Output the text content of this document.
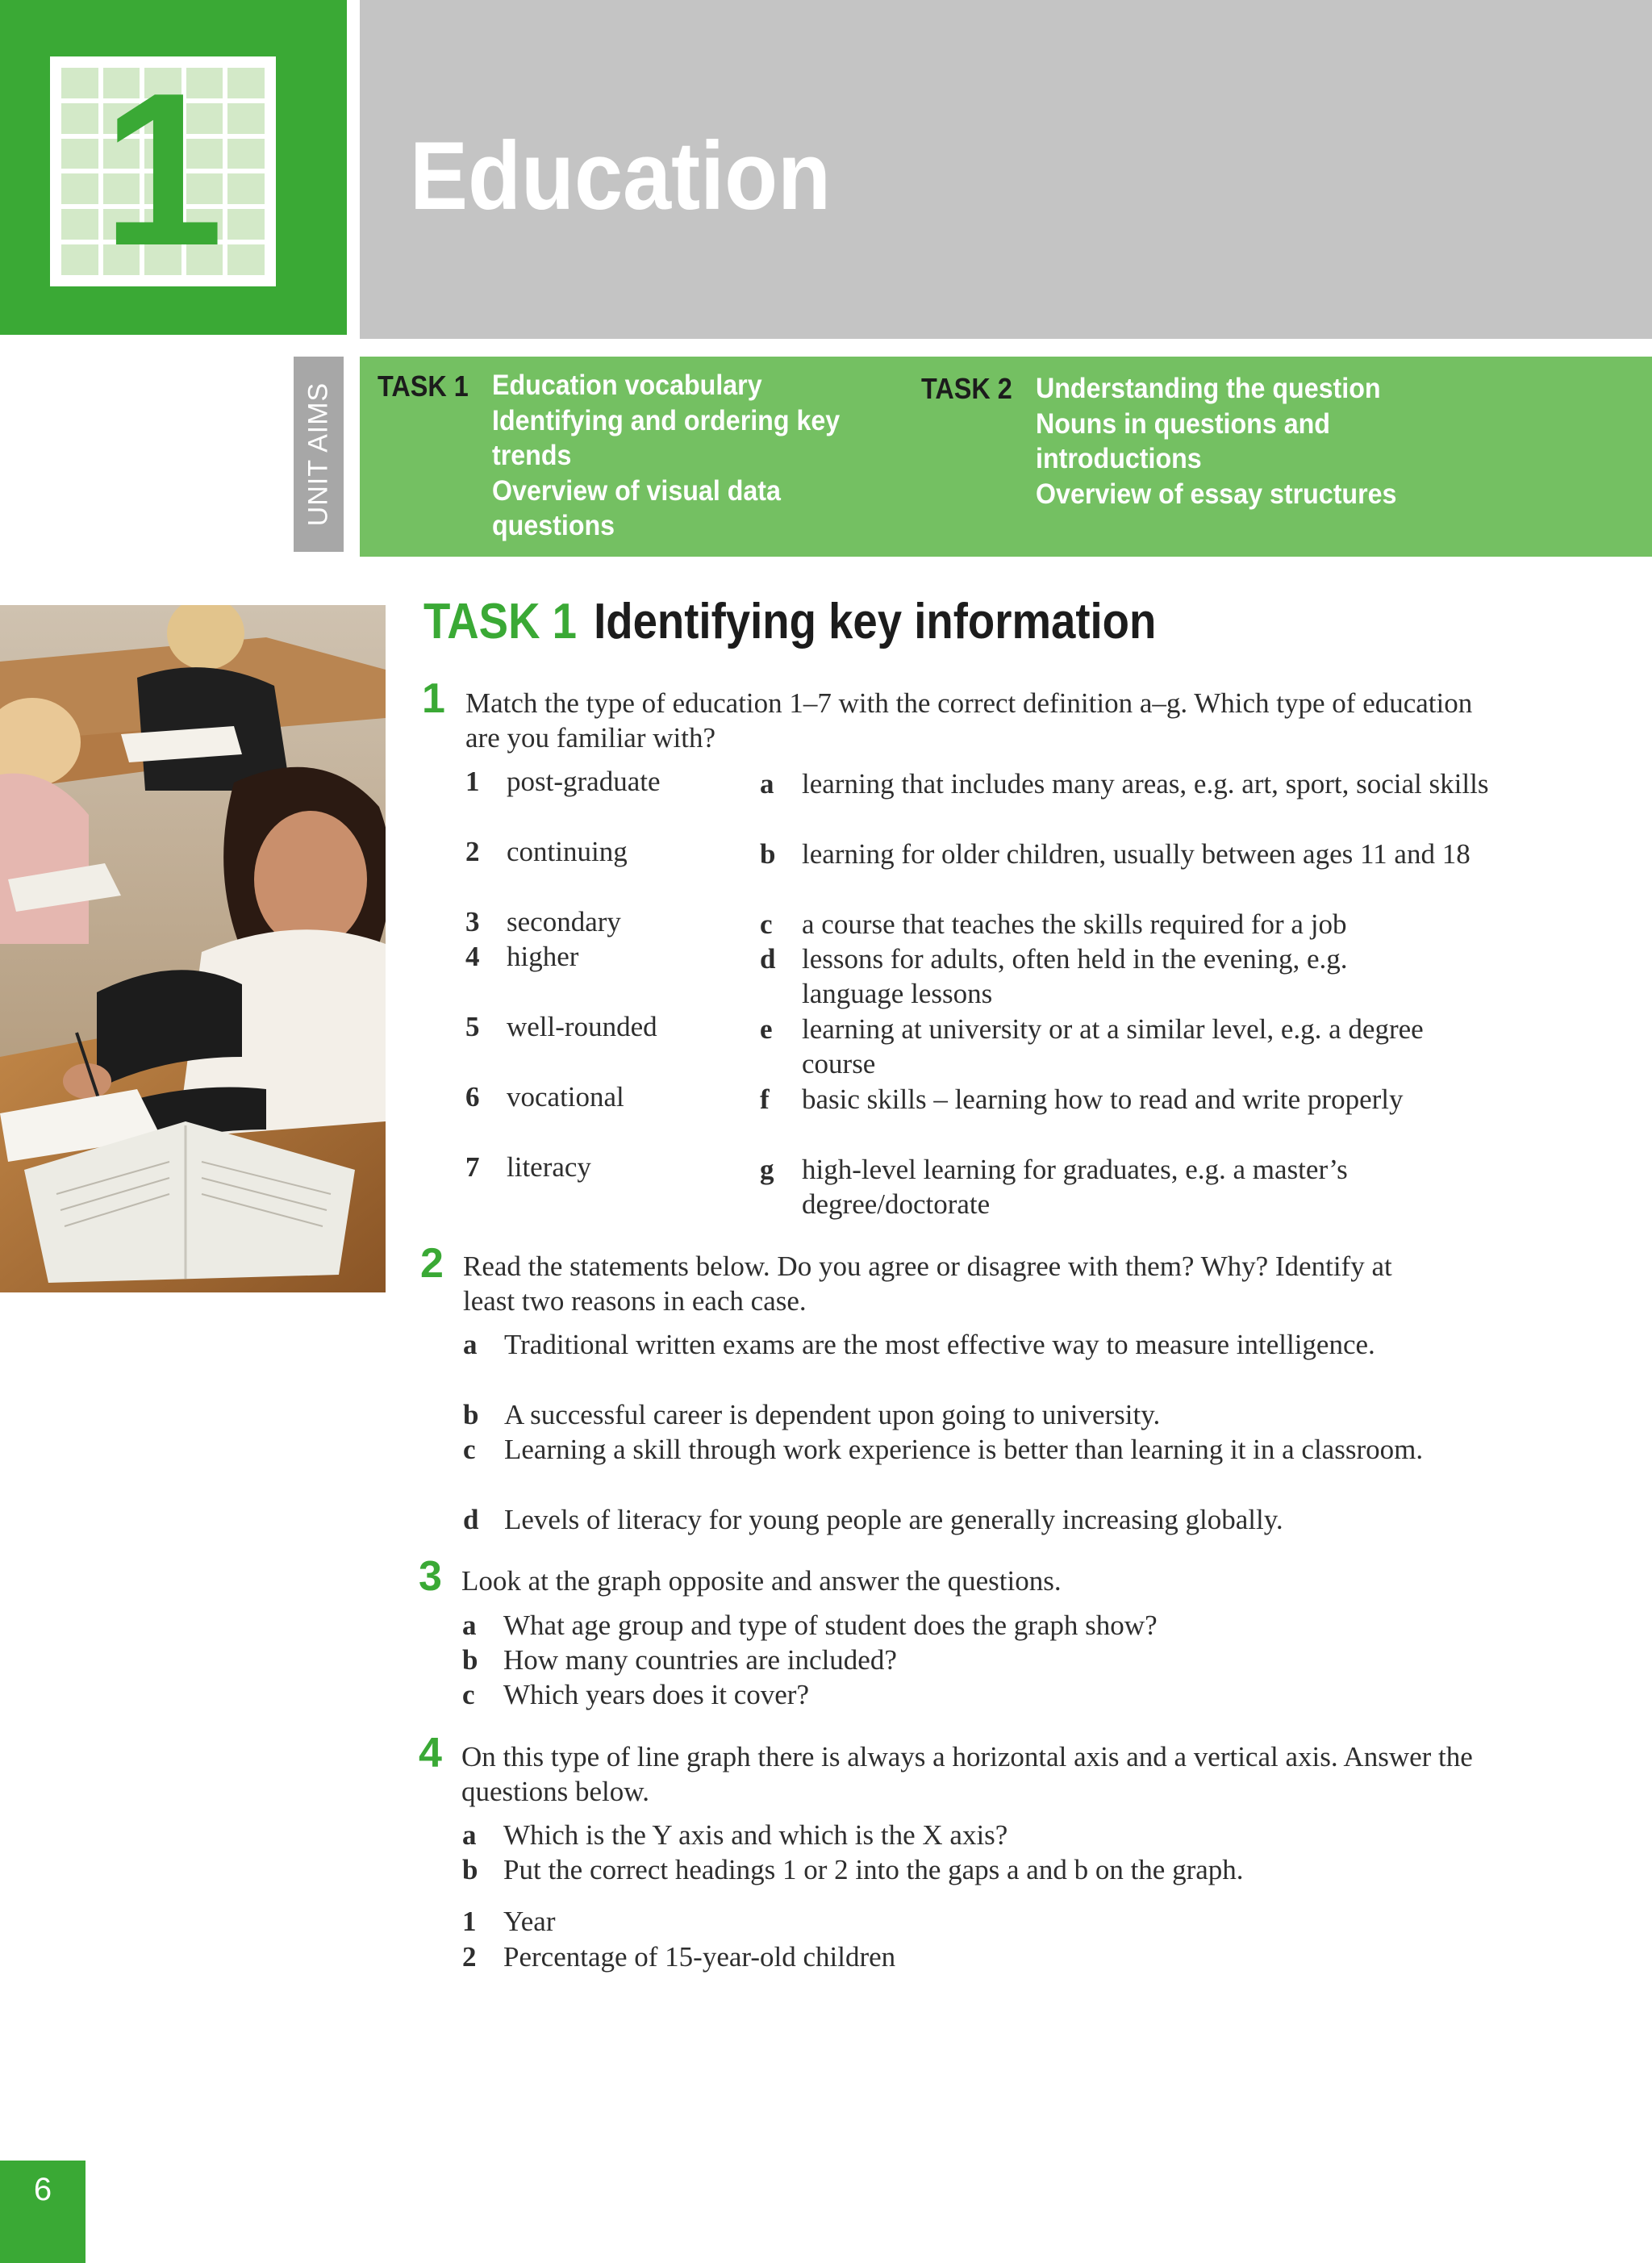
1	Education
UNIT AIMS TASK 1 Education vocabulary
Identifying and ordering key
trends
Overview of visual data
questions
TASK 2 Understanding the question
Nouns in questions and
introductions
Overview of essay structures
TASK 1 Identifying key information
1 Match the type of education 1–7 with the correct definition a–g. Which type of education are you familiar with?
1 post-graduate
2 continuing
3 secondary
4 higher
5 well-rounded
6 vocational
7 literacy
a learning that includes many areas, e.g. art, sport, social skills
b learning for older children, usually between ages 11 and 18
c a course that teaches the skills required for a job
d lessons for adults, often held in the evening, e.g. language lessons
e learning at university or at a similar level, e.g. a degree course
f basic skills – learning how to read and write properly
g high-level learning for graduates, e.g. a master’s degree/doctorate
2 Read the statements below. Do you agree or disagree with them? Why? Identify at least two reasons in each case.
a Traditional written exams are the most effective way to measure intelligence.
b A successful career is dependent upon going to university.
c Learning a skill through work experience is better than learning it in a classroom.
d Levels of literacy for young people are generally increasing globally.
3 Look at the graph opposite and answer the questions.
a What age group and type of student does the graph show?
b How many countries are included?
c Which years does it cover?
4 On this type of line graph there is always a horizontal axis and a vertical axis. Answer the questions below.
a Which is the Y axis and which is the X axis?
b Put the correct headings 1 or 2 into the gaps a and b on the graph.
1 Year
2 Percentage of 15-year-old children
6
